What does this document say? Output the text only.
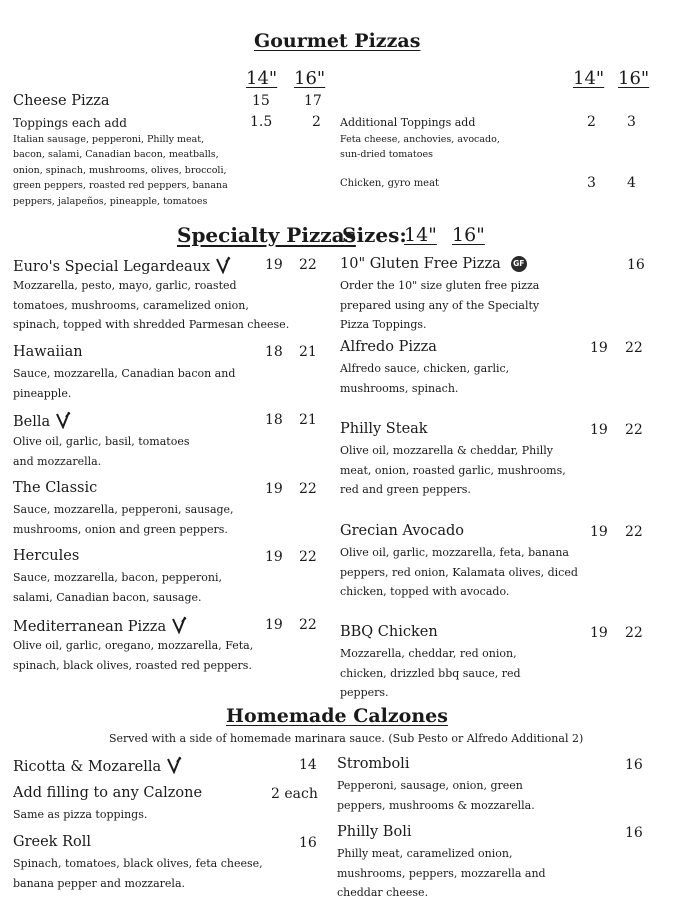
Gourmet Pizzas
14" 16"	14" 16"
Cheese Pizza	15 17
Toppings each add	1.5	2
Italian sausage, pepperoni, Philly meat, bacon, salami, Canadian bacon, meatballs, onion, spinach, mushrooms, olives, broccoli, green peppers, roasted red peppers, banana peppers, jalapeños, pineapple, tomatoes
Additional Toppings add	2 3
Feta cheese, anchovies, avocado, sun-dried tomatoes
Chicken, gyro meat	3 4
Specialty Pizzas
Sizes:
14" 16"
Euro's Special Legardeaux	19 22
Mozzarella, pesto, mayo, garlic, roasted tomatoes, mushrooms, caramelized onion, spinach, topped with shredded Parmesan cheese.
Hawaiian	18 21
Sauce, mozzarella, Canadian bacon and pineapple.
Bella	18 21
Olive oil, garlic, basil, tomatoes and mozzarella.
The Classic	19 22
Sauce, mozzarella, pepperoni, sausage, mushrooms, onion and green peppers.
Hercules	19 22
Sauce, mozzarella, bacon, pepperoni, salami, Canadian bacon, sausage.
Mediterranean Pizza	19 22
Olive oil, garlic, oregano, mozzarella, Feta, spinach, black olives, roasted red peppers.
10" Gluten Free Pizza GF	16
Order the 10" size gluten free pizza prepared using any of the Specialty Pizza Toppings.
Alfredo Pizza	19 22
Alfredo sauce, chicken, garlic, mushrooms, spinach.
Philly Steak	19 22
Olive oil, mozzarella & cheddar, Philly meat, onion, roasted garlic, mushrooms, red and green peppers.
Grecian Avocado	19 22
Olive oil, garlic, mozzarella, feta, banana peppers, red onion, Kalamata olives, diced chicken, topped with avocado.
BBQ Chicken	19 22
Mozzarella, cheddar, red onion, chicken, drizzled bbq sauce, red peppers.
Homemade Calzones
Served with a side of homemade marinara sauce. (Sub Pesto or Alfredo Additional 2)
Ricotta & Mozarella	14
Add filling to any Calzone	2 each
Same as pizza toppings.
Greek Roll	16
Spinach, tomatoes, black olives, feta cheese, banana pepper and mozzarela.
Stromboli	16
Pepperoni, sausage, onion, green peppers, mushrooms & mozzarella.
Philly Boli	16
Philly meat, caramelized onion, mushrooms, peppers, mozzarella and cheddar cheese.
